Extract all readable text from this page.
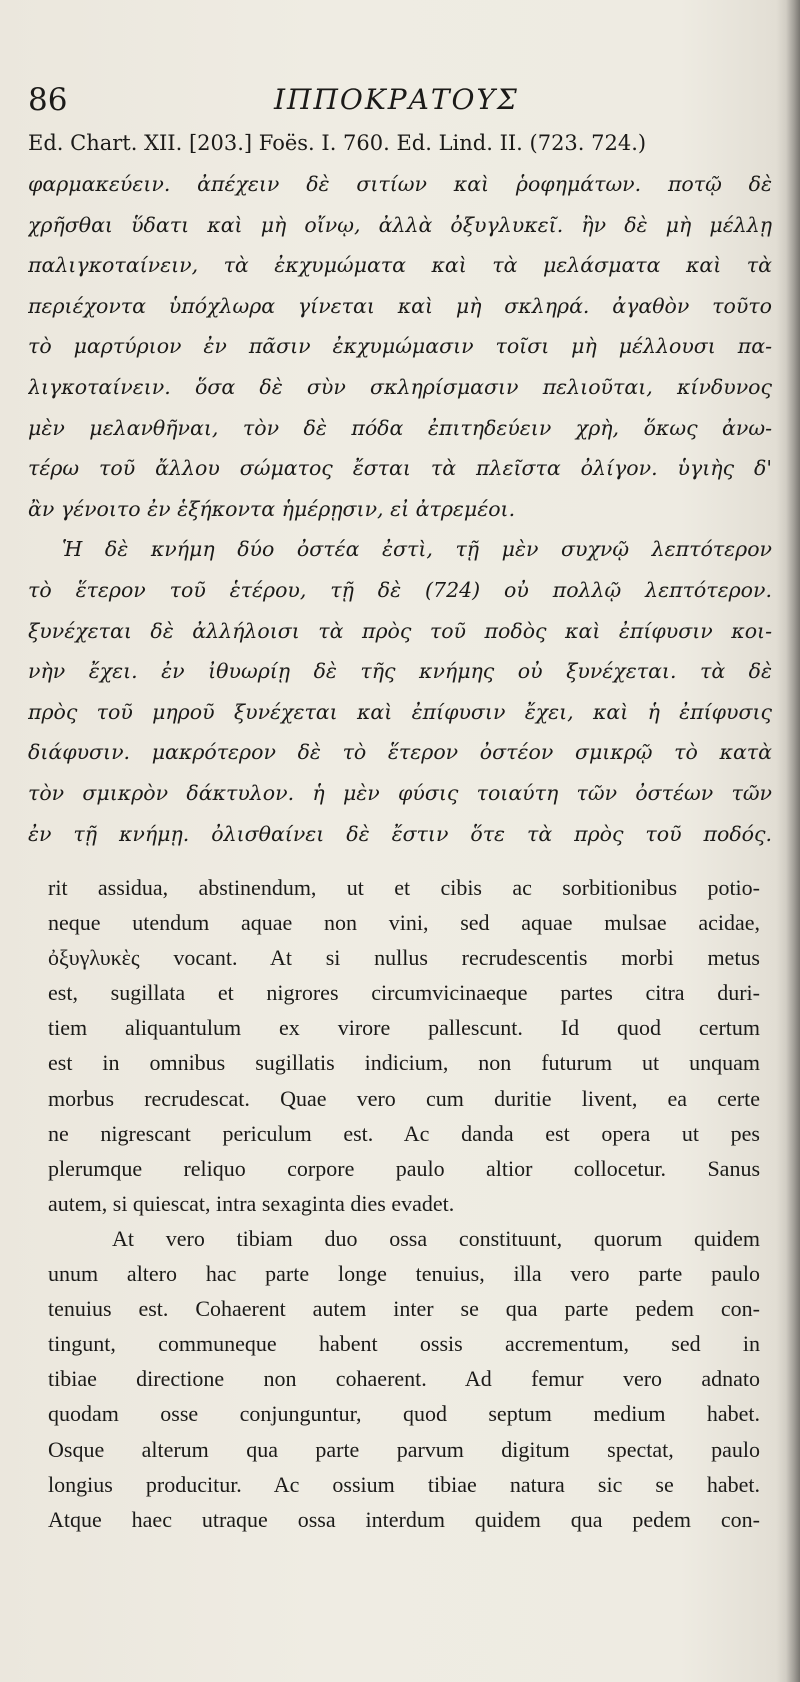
86	ΙΠΠΟΚΡΑΤΟΥΣ
Ed. Chart. XII. [203.] Foës. I. 760. Ed. Lind. II. (723. 724.)
φαρμακεύειν. ἀπέχειν δὲ σιτίων καὶ ῥοφημάτων. ποτῷ δὲ
χρῆσθαι ὕδατι καὶ μὴ οἴνῳ, ἀλλὰ ὀξυγλυκεῖ. ἢν δὲ μὴ μέλλῃ
παλιγκοταίνειν, τὰ ἐκχυμώματα καὶ τὰ μελάσματα καὶ τὰ
περιέχοντα ὑπόχλωρα γίνεται καὶ μὴ σκληρά. ἀγαθὸν τοῦτο
τὸ μαρτύριον ἐν πᾶσιν ἐκχυμώμασιν τοῖσι μὴ μέλλουσι πα-
λιγκοταίνειν. ὅσα δὲ σὺν σκληρίσμασιν πελιοῦται, κίνδυνος
μὲν μελανθῆναι, τὸν δὲ πόδα ἐπιτηδεύειν χρὴ, ὅκως ἀνω-
τέρω τοῦ ἄλλου σώματος ἔσται τὰ πλεῖστα ὀλίγον. ὑγιὴς δ'
ἂν γένοιτο ἐν ἑξήκοντα ἡμέρῃσιν, εἰ ἀτρεμέοι.
Ἡ δὲ κνήμη δύο ὀστέα ἐστὶ, τῇ μὲν συχνῷ λεπτότερον
τὸ ἕτερον τοῦ ἑτέρου, τῇ δὲ (724) οὐ πολλῷ λεπτότερον.
ξυνέχεται δὲ ἀλλήλοισι τὰ πρὸς τοῦ ποδὸς καὶ ἐπίφυσιν κοι-
νὴν ἔχει. ἐν ἰθυωρίῃ δὲ τῆς κνήμης οὐ ξυνέχεται. τὰ δὲ
πρὸς τοῦ μηροῦ ξυνέχεται καὶ ἐπίφυσιν ἔχει, καὶ ἡ ἐπίφυσις
διάφυσιν. μακρότερον δὲ τὸ ἕτερον ὀστέον σμικρῷ τὸ κατὰ
τὸν σμικρὸν δάκτυλον. ἡ μὲν φύσις τοιαύτη τῶν ὀστέων τῶν
ἐν τῇ κνήμῃ. ὀλισθαίνει δὲ ἔστιν ὅτε τὰ πρὸς τοῦ ποδός.
rit assidua, abstinendum, ut et cibis ac sorbitionibus potio-
neque utendum aquae non vini, sed aquae mulsae acidae,
ὀξυγλυκὲς vocant. At si nullus recrudescentis morbi metus
est, sugillata et nigrores circumvicinaeque partes citra duri-
tiem aliquantulum ex virore pallescunt. Id quod certum
est in omnibus sugillatis indicium, non futurum ut unquam
morbus recrudescat. Quae vero cum duritie livent, ea certe
ne nigrescant periculum est. Ac danda est opera ut pes
plerumque reliquo corpore paulo altior collocetur. Sanus
autem, si quiescat, intra sexaginta dies evadet.
At vero tibiam duo ossa constituunt, quorum quidem
unum altero hac parte longe tenuius, illa vero parte paulo
tenuius est. Cohaerent autem inter se qua parte pedem con-
tingunt, communeque habent ossis accrementum, sed in
tibiae directione non cohaerent. Ad femur vero adnato
quodam osse conjunguntur, quod septum medium habet.
Osque alterum qua parte parvum digitum spectat, paulo
longius producitur. Ac ossium tibiae natura sic se habet.
Atque haec utraque ossa interdum quidem qua pedem con-
